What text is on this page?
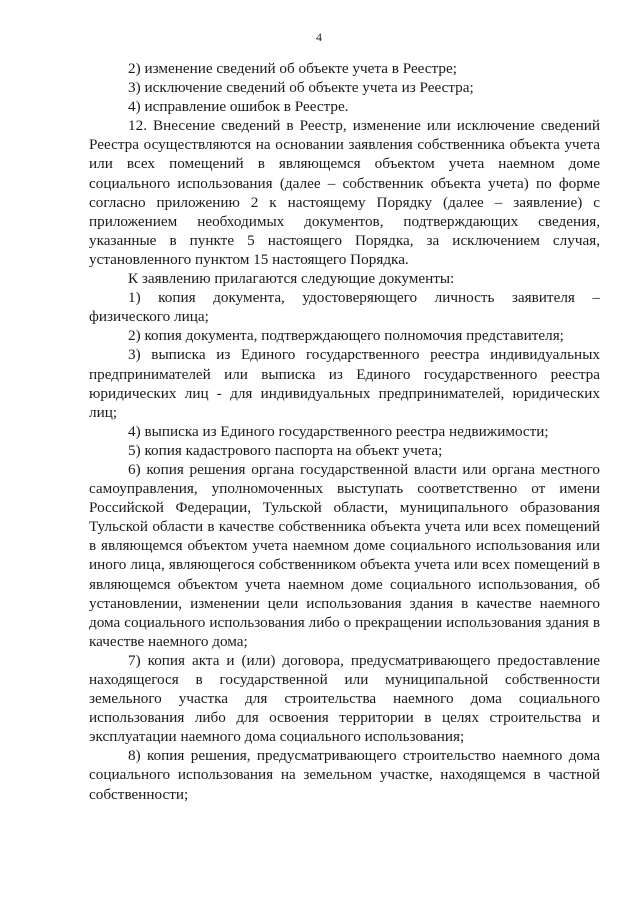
4

2) изменение сведений об объекте учета в Реестре;

3) исключение сведений об объекте учета из Реестра;

4) исправление ошибок в Реестре.

12. Внесение сведений в Реестр, изменение или исключение сведений Реестра осуществляются на основании заявления собственника объекта учета или всех помещений в являющемся объектом учета наемном доме социального использования (далее – собственник объекта учета) по форме согласно приложению 2 к настоящему Порядку (далее – заявление) с приложением необходимых документов, подтверждающих сведения, указанные в пункте 5 настоящего Порядка, за исключением случая, установленного пунктом 15 настоящего Порядка.

К заявлению прилагаются следующие документы:

1) копия документа, удостоверяющего личность заявителя – физического лица;

2) копия документа, подтверждающего полномочия представителя;

3) выписка из Единого государственного реестра индивидуальных предпринимателей или выписка из Единого государственного реестра юридических лиц - для индивидуальных предпринимателей, юридических лиц;

4) выписка из Единого государственного реестра недвижимости;

5) копия кадастрового паспорта на объект учета;

6) копия решения органа государственной власти или органа местного самоуправления, уполномоченных выступать соответственно от имени Российской Федерации, Тульской области, муниципального образования Тульской области в качестве собственника объекта учета или всех помещений в являющемся объектом учета наемном доме социального использования или иного лица, являющегося собственником объекта учета или всех помещений в являющемся объектом учета наемном доме социального использования, об установлении, изменении цели использования здания в качестве наемного дома социального использования либо о прекращении использования здания в качестве наемного дома;

7) копия акта и (или) договора, предусматривающего предоставление находящегося в государственной или муниципальной собственности земельного участка для строительства наемного дома социального использования либо для освоения территории в целях строительства и эксплуатации наемного дома социального использования;

8) копия решения, предусматривающего строительство наемного дома социального использования на земельном участке, находящемся в частной собственности;
